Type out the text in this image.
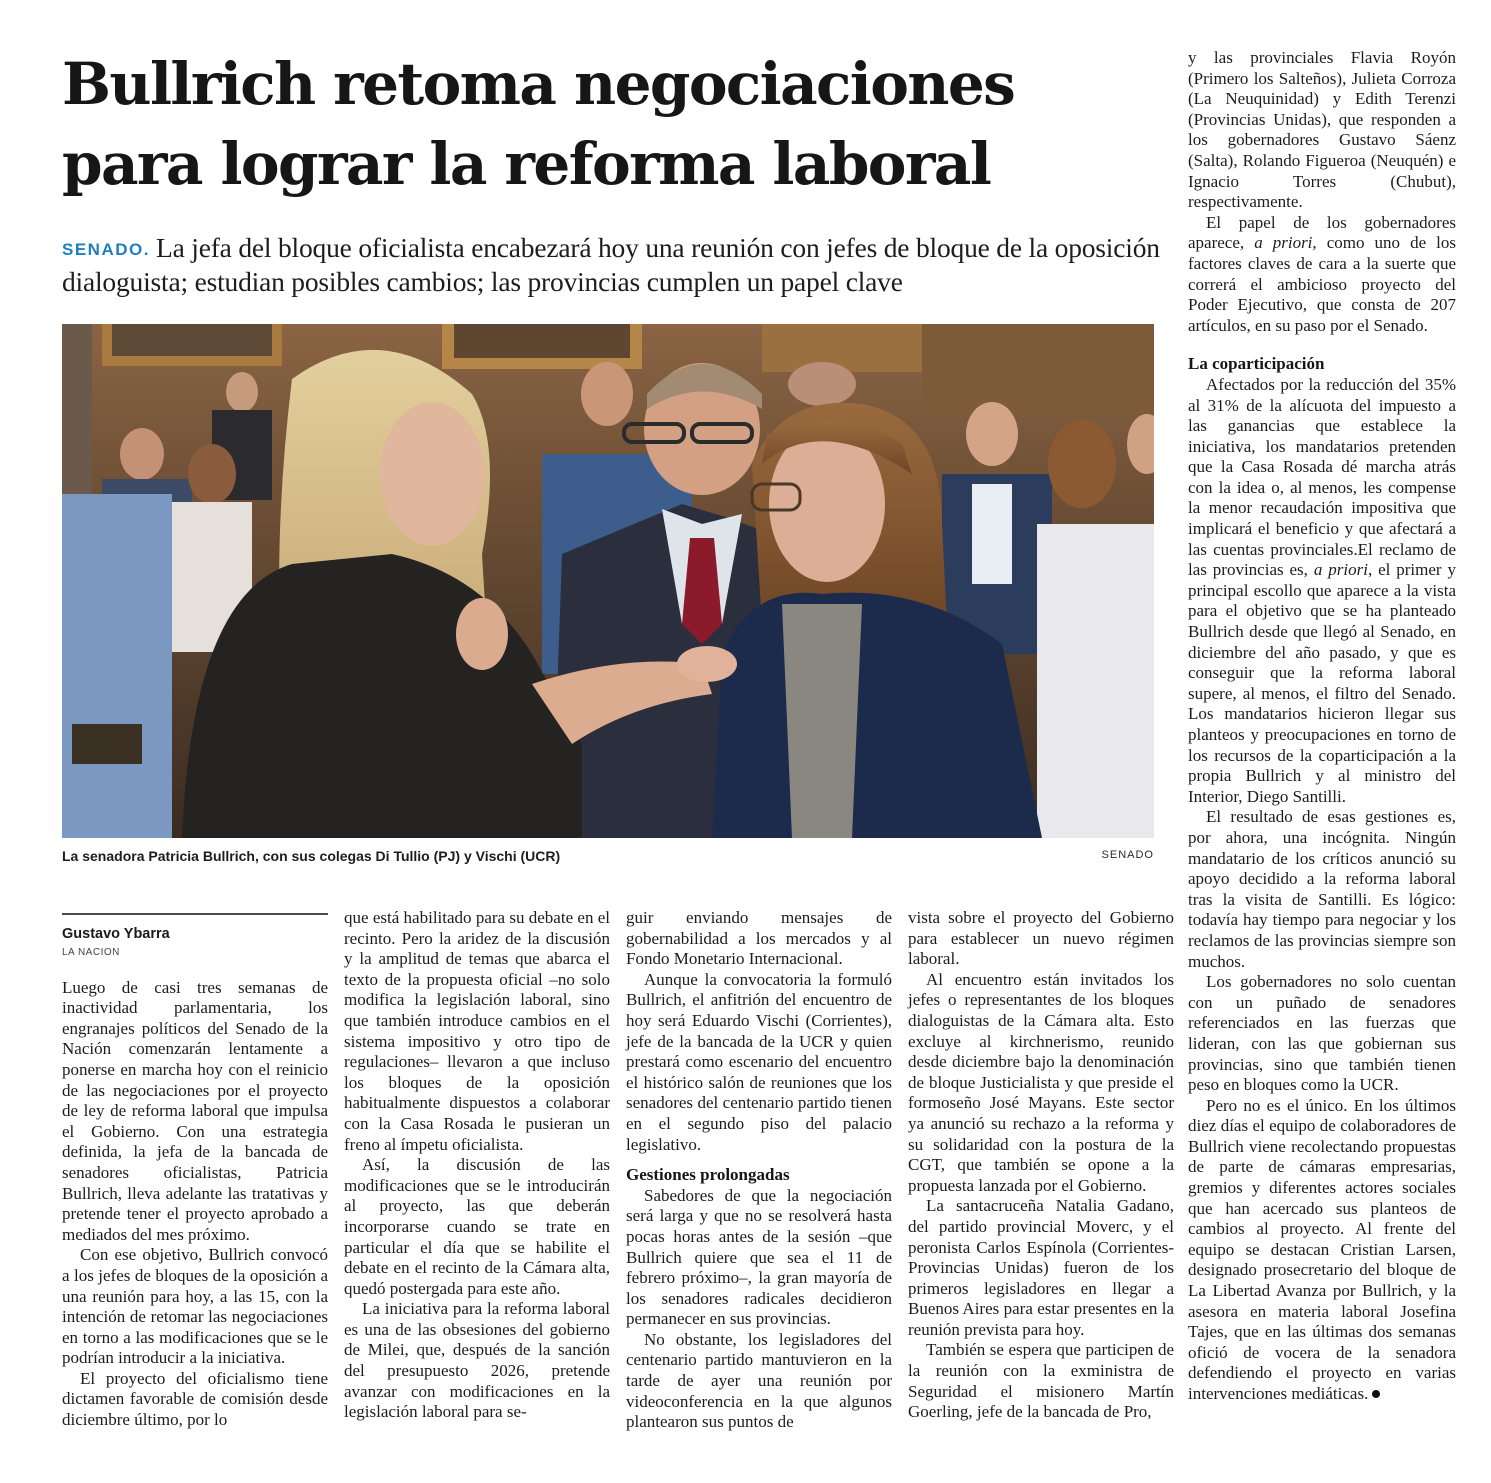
Bullrich retoma negociaciones
para lograr la reforma laboral
SENADO. La jefa del bloque oficialista encabezará hoy una reunión con jefes de bloque de la oposición dialoguista; estudian posibles cambios; las provincias cumplen un papel clave
La senadora Patricia Bullrich, con sus colegas Di Tullio (PJ) y Vischi (UCR)	SENADO
Gustavo Ybarra
LA NACION

Luego de casi tres semanas de inactividad parlamentaria, los engranajes políticos del Senado de la Nación comenzarán lentamente a ponerse en marcha hoy con el reinicio de las negociaciones por el proyecto de ley de reforma laboral que impulsa el Gobierno. Con una estrategia definida, la jefa de la bancada de senadores oficialistas, Patricia Bullrich, lleva adelante las tratativas y pretende tener el proyecto aprobado a mediados del mes próximo.

Con ese objetivo, Bullrich convocó a los jefes de bloques de la oposición a una reunión para hoy, a las 15, con la intención de retomar las negociaciones en torno a las modificaciones que se le podrían introducir a la iniciativa.

El proyecto del oficialismo tiene dictamen favorable de comisión desde diciembre último, por lo

que está habilitado para su debate en el recinto. Pero la aridez de la discusión y la amplitud de temas que abarca el texto de la propuesta oficial –no solo modifica la legislación laboral, sino que también introduce cambios en el sistema impositivo y otro tipo de regulaciones– llevaron a que incluso los bloques de la oposición habitualmente dispuestos a colaborar con la Casa Rosada le pusieran un freno al ímpetu oficialista.

Así, la discusión de las modificaciones que se le introducirán al proyecto, las que deberán incorporarse cuando se trate en particular el día que se habilite el debate en el recinto de la Cámara alta, quedó postergada para este año.

La iniciativa para la reforma laboral es una de las obsesiones del gobierno de Milei, que, después de la sanción del presupuesto 2026, pretende avanzar con modificaciones en la legislación laboral para se-

guir enviando mensajes de gobernabilidad a los mercados y al Fondo Monetario Internacional.

Aunque la convocatoria la formuló Bullrich, el anfitrión del encuentro de hoy será Eduardo Vischi (Corrientes), jefe de la bancada de la UCR y quien prestará como escenario del encuentro el histórico salón de reuniones que los senadores del centenario partido tienen en el segundo piso del palacio legislativo.

Gestiones prolongadas

Sabedores de que la negociación será larga y que no se resolverá hasta pocas horas antes de la sesión –que Bullrich quiere que sea el 11 de febrero próximo–, la gran mayoría de los senadores radicales decidieron permanecer en sus provincias.

No obstante, los legisladores del centenario partido mantuvieron en la tarde de ayer una reunión por videoconferencia en la que algunos plantearon sus puntos de

vista sobre el proyecto del Gobierno para establecer un nuevo régimen laboral.

Al encuentro están invitados los jefes o representantes de los bloques dialoguistas de la Cámara alta. Esto excluye al kirchnerismo, reunido desde diciembre bajo la denominación de bloque Justicialista y que preside el formoseño José Mayans. Este sector ya anunció su rechazo a la reforma y su solidaridad con la postura de la CGT, que también se opone a la propuesta lanzada por el Gobierno.

La santacruceña Natalia Gadano, del partido provincial Moverc, y el peronista Carlos Espínola (Corrientes-Provincias Unidas) fueron de los primeros legisladores en llegar a Buenos Aires para estar presentes en la reunión prevista para hoy.

También se espera que participen de la reunión con la exministra de Seguridad el misionero Martín Goerling, jefe de la bancada de Pro,

y las provinciales Flavia Royón (Primero los Salteños), Julieta Corroza (La Neuquinidad) y Edith Terenzi (Provincias Unidas), que responden a los gobernadores Gustavo Sáenz (Salta), Rolando Figueroa (Neuquén) e Ignacio Torres (Chubut), respectivamente.

El papel de los gobernadores aparece, a priori, como uno de los factores claves de cara a la suerte que correrá el ambicioso proyecto del Poder Ejecutivo, que consta de 207 artículos, en su paso por el Senado.

La coparticipación

Afectados por la reducción del 35% al 31% de la alícuota del impuesto a las ganancias que establece la iniciativa, los mandatarios pretenden que la Casa Rosada dé marcha atrás con la idea o, al menos, les compense la menor recaudación impositiva que implicará el beneficio y que afectará a las cuentas provinciales.El reclamo de las provincias es, a priori, el primer y principal escollo que aparece a la vista para el objetivo que se ha planteado Bullrich desde que llegó al Senado, en diciembre del año pasado, y que es conseguir que la reforma laboral supere, al menos, el filtro del Senado. Los mandatarios hicieron llegar sus planteos y preocupaciones en torno de los recursos de la coparticipación a la propia Bullrich y al ministro del Interior, Diego Santilli.

El resultado de esas gestiones es, por ahora, una incógnita. Ningún mandatario de los críticos anunció su apoyo decidido a la reforma laboral tras la visita de Santilli. Es lógico: todavía hay tiempo para negociar y los reclamos de las provincias siempre son muchos.

Los gobernadores no solo cuentan con un puñado de senadores referenciados en las fuerzas que lideran, con las que gobiernan sus provincias, sino que también tienen peso en bloques como la UCR.

Pero no es el único. En los últimos diez días el equipo de colaboradores de Bullrich viene recolectando propuestas de parte de cámaras empresarias, gremios y diferentes actores sociales que han acercado sus planteos de cambios al proyecto. Al frente del equipo se destacan Cristian Larsen, designado prosecretario del bloque de La Libertad Avanza por Bullrich, y la asesora en materia laboral Josefina Tajes, que en las últimas dos semanas ofició de vocera de la senadora defendiendo el proyecto en varias intervenciones mediáticas.
